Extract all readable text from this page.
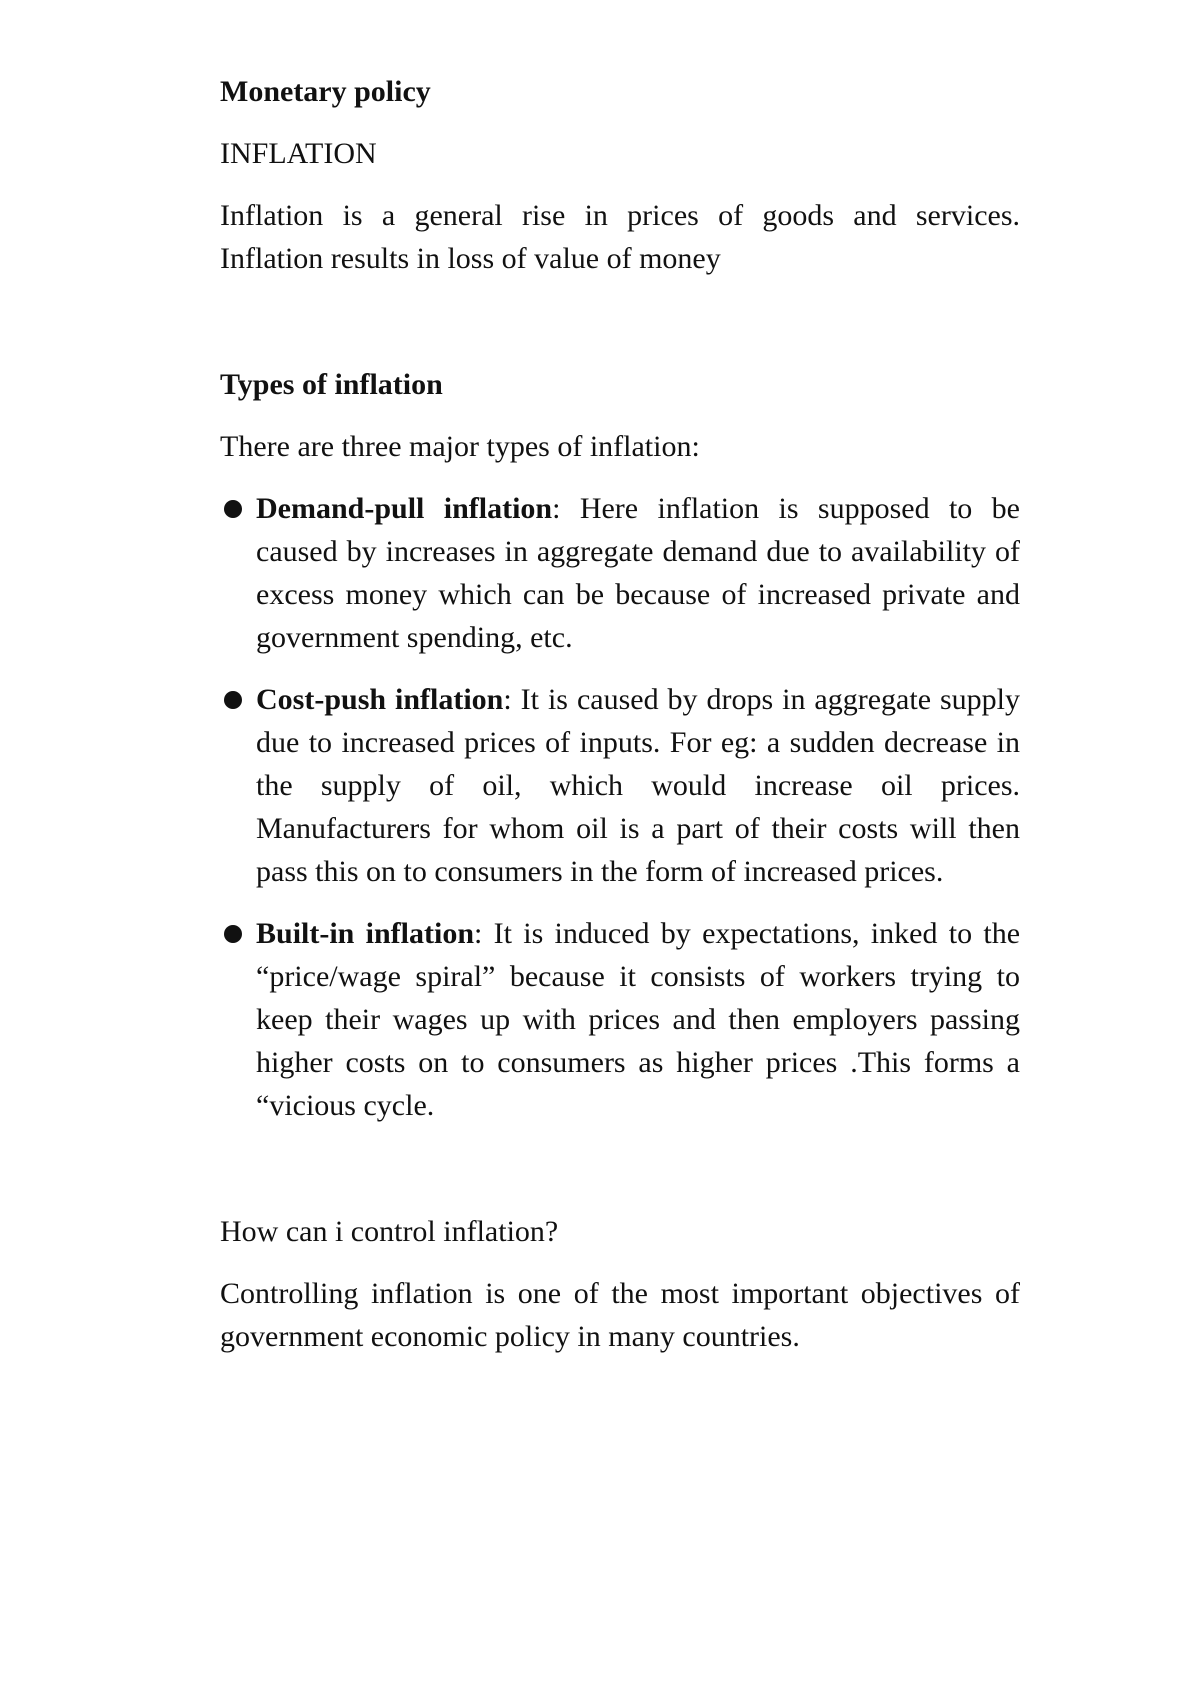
Monetary policy

INFLATION

Inflation is a general rise in prices of goods and services.

Inflation results in loss of value of money

Types of inflation

There are three major types of inflation:

Demand-pull inflation: Here inflation is supposed to be caused by increases in aggregate demand due to availability of excess money which can be because of increased private and government spending, etc.
Cost-push inflation: It is caused by drops in aggregate supply due to increased prices of inputs. For eg: a sudden decrease in the supply of oil, which would increase oil prices. Manufacturers for whom oil is a part of their costs will then pass this on to consumers in the form of increased prices.
Built-in inflation: It is induced by expectations, inked to the “price/wage spiral” because it consists of workers trying to keep their wages up with prices and then employers passing higher costs on to consumers as higher prices .This forms a “vicious cycle.

How can i control inflation?

Controlling inflation is one of the most important objectives of government economic policy in many countries.
